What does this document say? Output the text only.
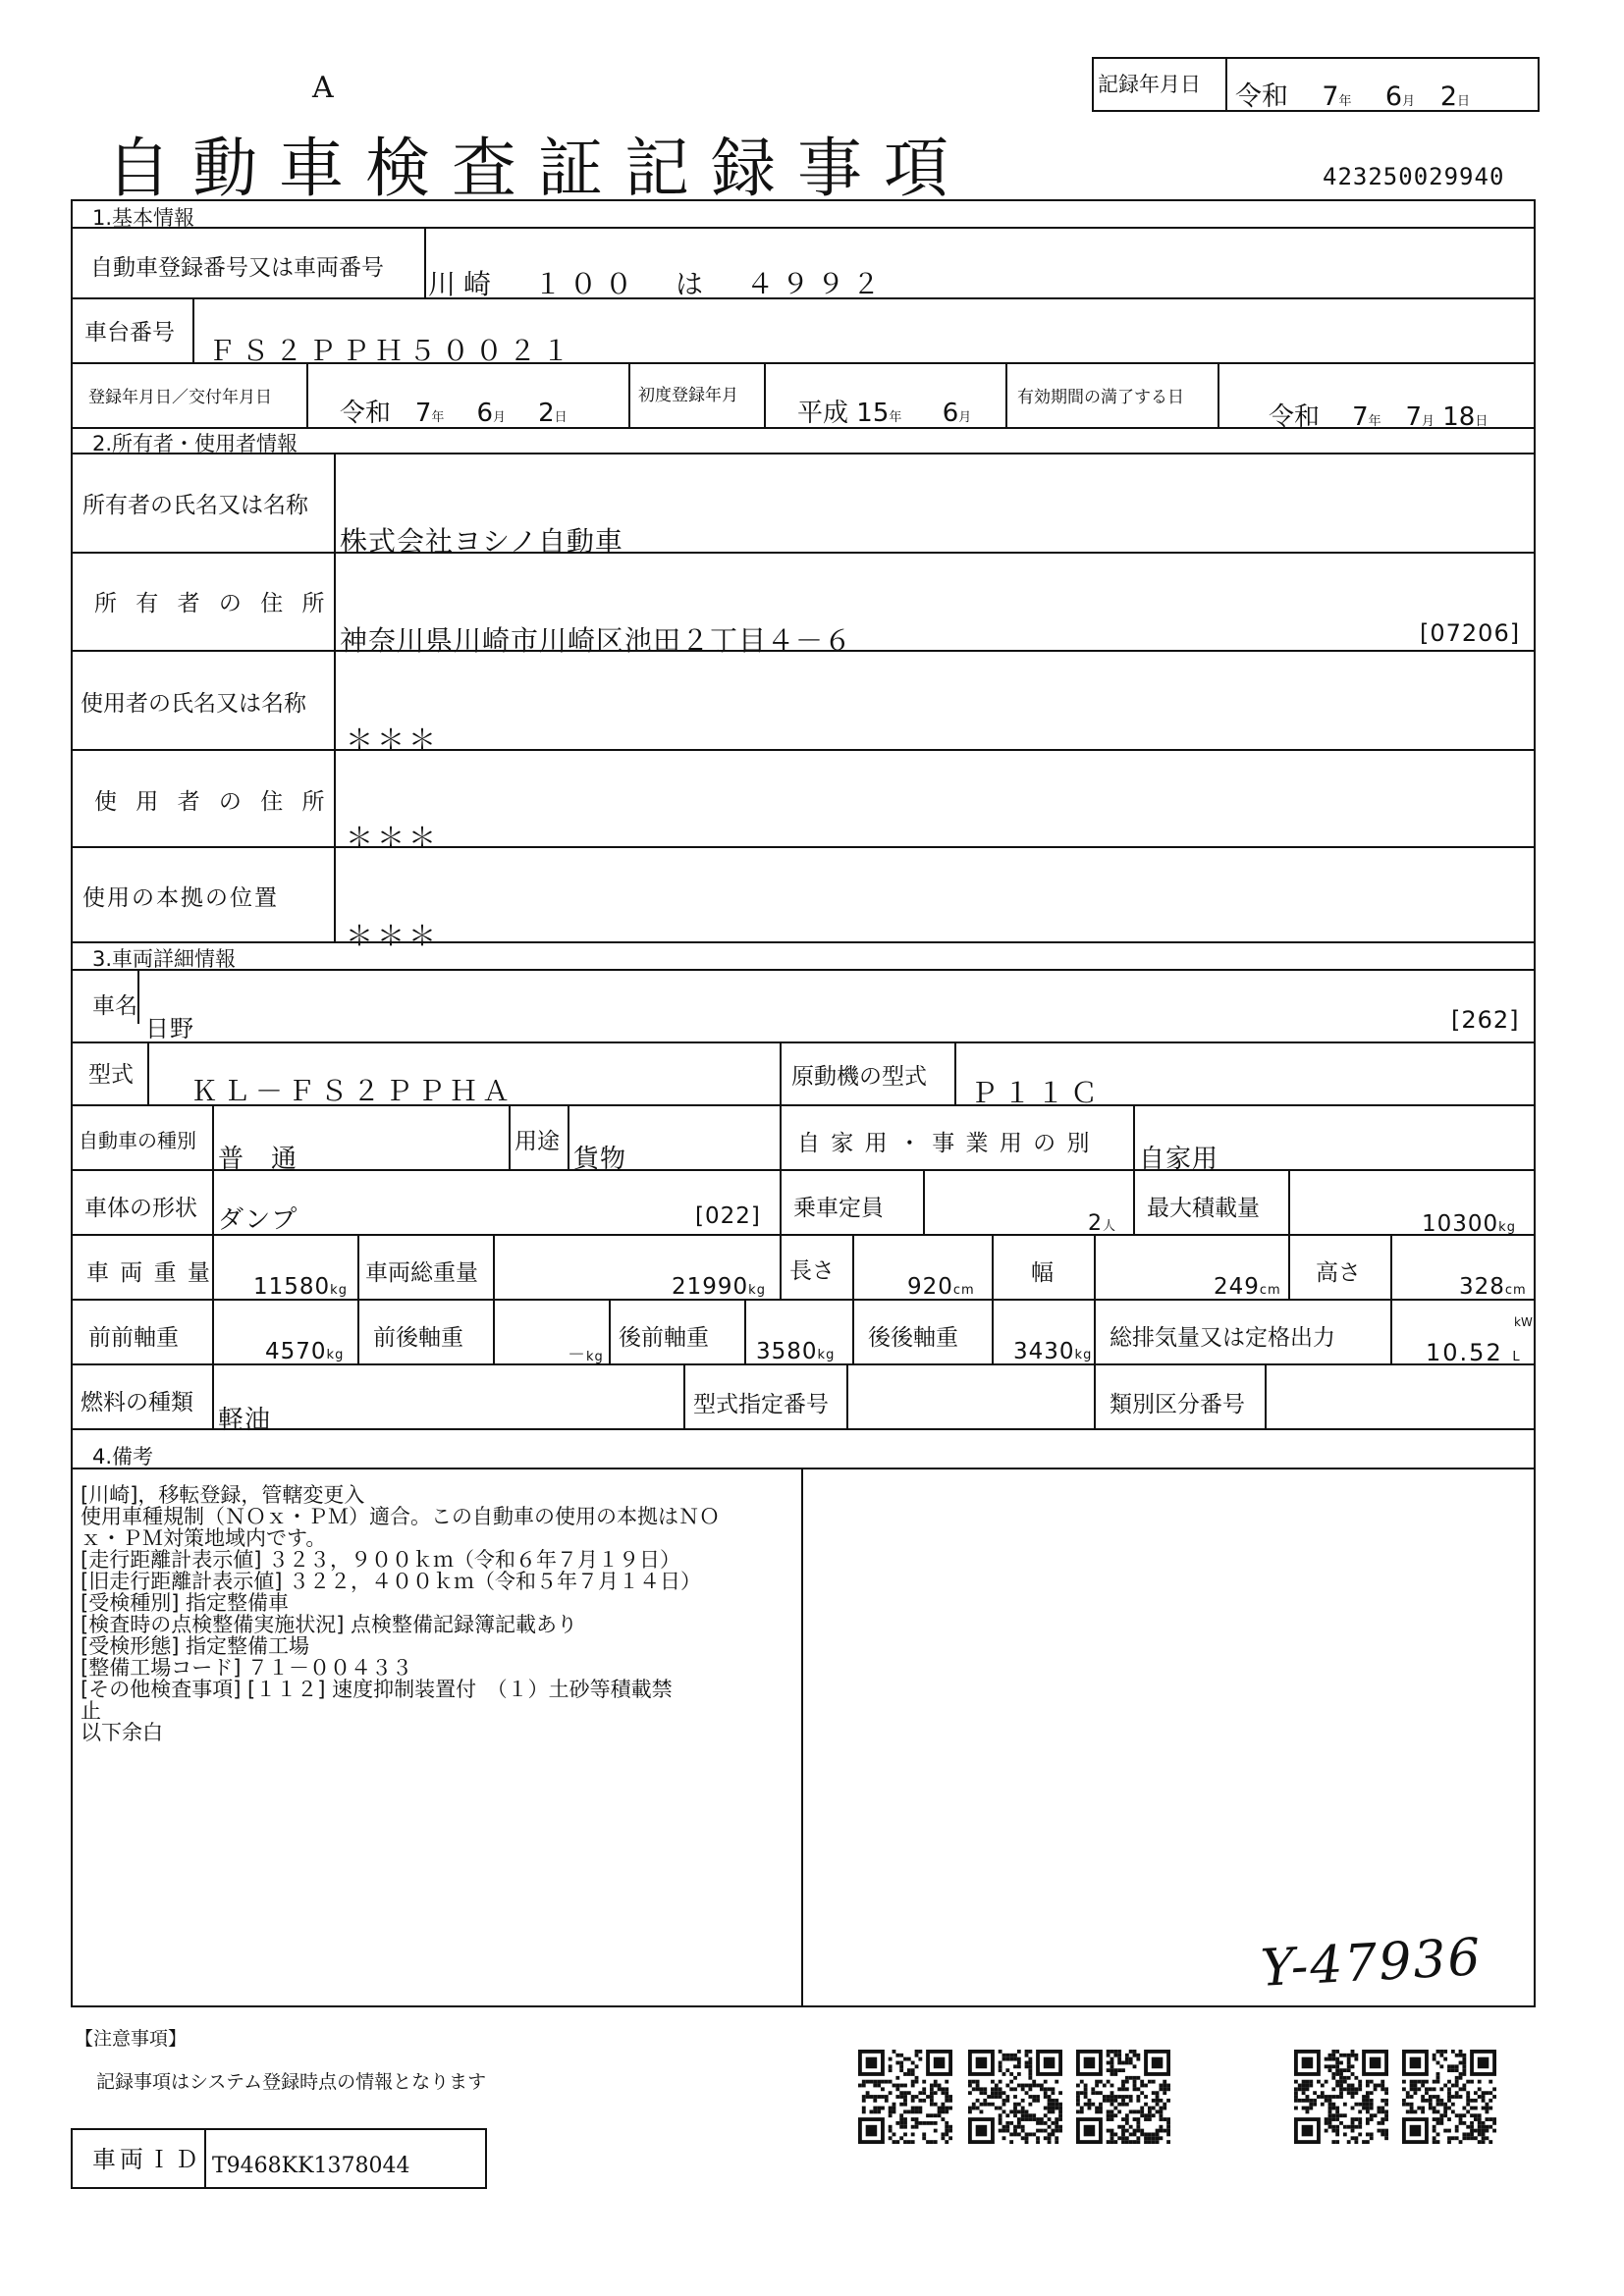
A
自動車検査証記録事項
記録年月日 令和 7年 6月 2日
423250029940
1.基本情報
自動車登録番号又は車両番号 川崎　１００　は　４９９２
車台番号
ＦＳ２ＰＰＨ５００２１
登録年月日／交付年月日
令和 7年 6月 2日
初度登録年月
平成 15年 6月
有効期間の満了する日
令和 7年 7月 18日
2.所有者・使用者情報
所有者の氏名又は名称
株式会社ヨシノ自動車
所 有 者 の 住 所
神奈川県川崎市川崎区池田２丁目４－６	[07206]
使用者の氏名又は名称
＊＊＊
使 用 者 の 住 所
＊＊＊
使用の本拠の位置
＊＊＊
3.車両詳細情報
車名
日野	[262]
型式 ＫＬ－ＦＳ２ＰＰＨＡ	原動機の型式 Ｐ１１Ｃ
自動車の種別
普　通
用途
貨物
自 家 用 ・ 事 業 用 の 別
自家用
車体の形状 ダンプ	[022] 乗車定員
2人
最大積載量
10300kg
車 両 重 量
11580kg
車両総重量
21990kg
長さ
920cm
幅
249cm
高さ
328cm
前前軸重
4570kg
前後軸重
－kg
後前軸重
3580kg
後後軸重
3430kg
総排気量又は定格出力
kW
10.52 L
燃料の種類
軽油
型式指定番号	類別区分番号
4.備考
[川崎]，移転登録，管轄変更入
使用車種規制（ＮＯｘ・ＰＭ）適合。この自動車の使用の本拠はＮＯ
ｘ・ＰＭ対策地域内です。
[走行距離計表示値] ３２３，９００ｋｍ（令和６年７月１９日）
[旧走行距離計表示値] ３２２，４００ｋｍ（令和５年７月１４日）
[受検種別] 指定整備車
[検査時の点検整備実施状況] 点検整備記録簿記載あり
[受検形態] 指定整備工場
[整備工場コード] ７１－００４３３
[その他検査事項] [１１２] 速度抑制装置付　（１）土砂等積載禁
止
以下余白
Y-47936
【注意事項】
記録事項はシステム登録時点の情報となります
車両ＩＤ T9468KK1378044
